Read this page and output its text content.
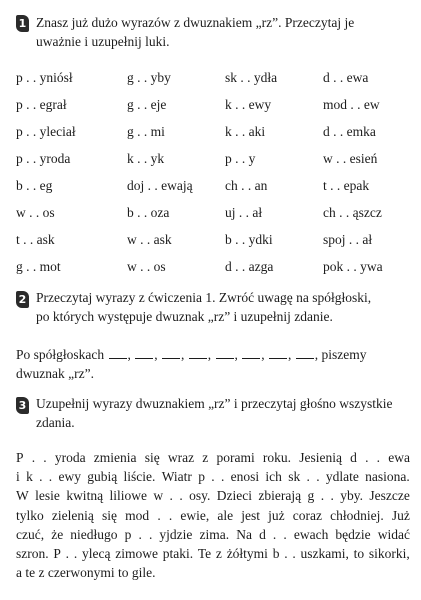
1 Znasz już dużo wyrazów z dwuznakiem „rz”. Przeczytaj je
uważnie i uzupełnij luki.
p . . yniósł	g . . yby	sk . . ydła	d . . ewa
p . . egrał	g . . eje	k . . ewy	mod . . ew
p . . yleciał	g . . mi	k . . aki	d . . emka
p . . yroda	k . . yk	p . . y	w . . esień
b . . eg	doj . . ewają	ch . . an	t . . epak
w . . os	b . . oza	uj . . ał	ch . . ąszcz
t . . ask	w . . ask	b . . ydki	spoj . . ał
g . . mot	w . . os	d . . azga	pok . . ywa
2 Przeczytaj wyrazy z ćwiczenia 1. Zwróć uwagę na spółgłoski,
po których występuje dwuznak „rz” i uzupełnij zdanie.
Po spółgłoskach , , , , , , , , piszemy
dwuznak „rz”.
3 Uzupełnij wyrazy dwuznakiem „rz” i przeczytaj głośno wszystkie
zdania.
P . . yroda zmienia się wraz z porami roku. Jesienią d . . ewa
i k . . ewy gubią liście. Wiatr p . . enosi ich sk . . ydlate nasiona.
W lesie kwitną liliowe w . . osy. Dzieci zbierają g . . yby. Jeszcze
tylko zielenią się mod . . ewie, ale jest już coraz chłodniej. Już
czuć, że niedługo p . . yjdzie zima. Na d . . ewach będzie widać
szron. P . . ylecą zimowe ptaki. Te z żółtymi b . . uszkami, to sikorki,
a te z czerwonymi to gile.
